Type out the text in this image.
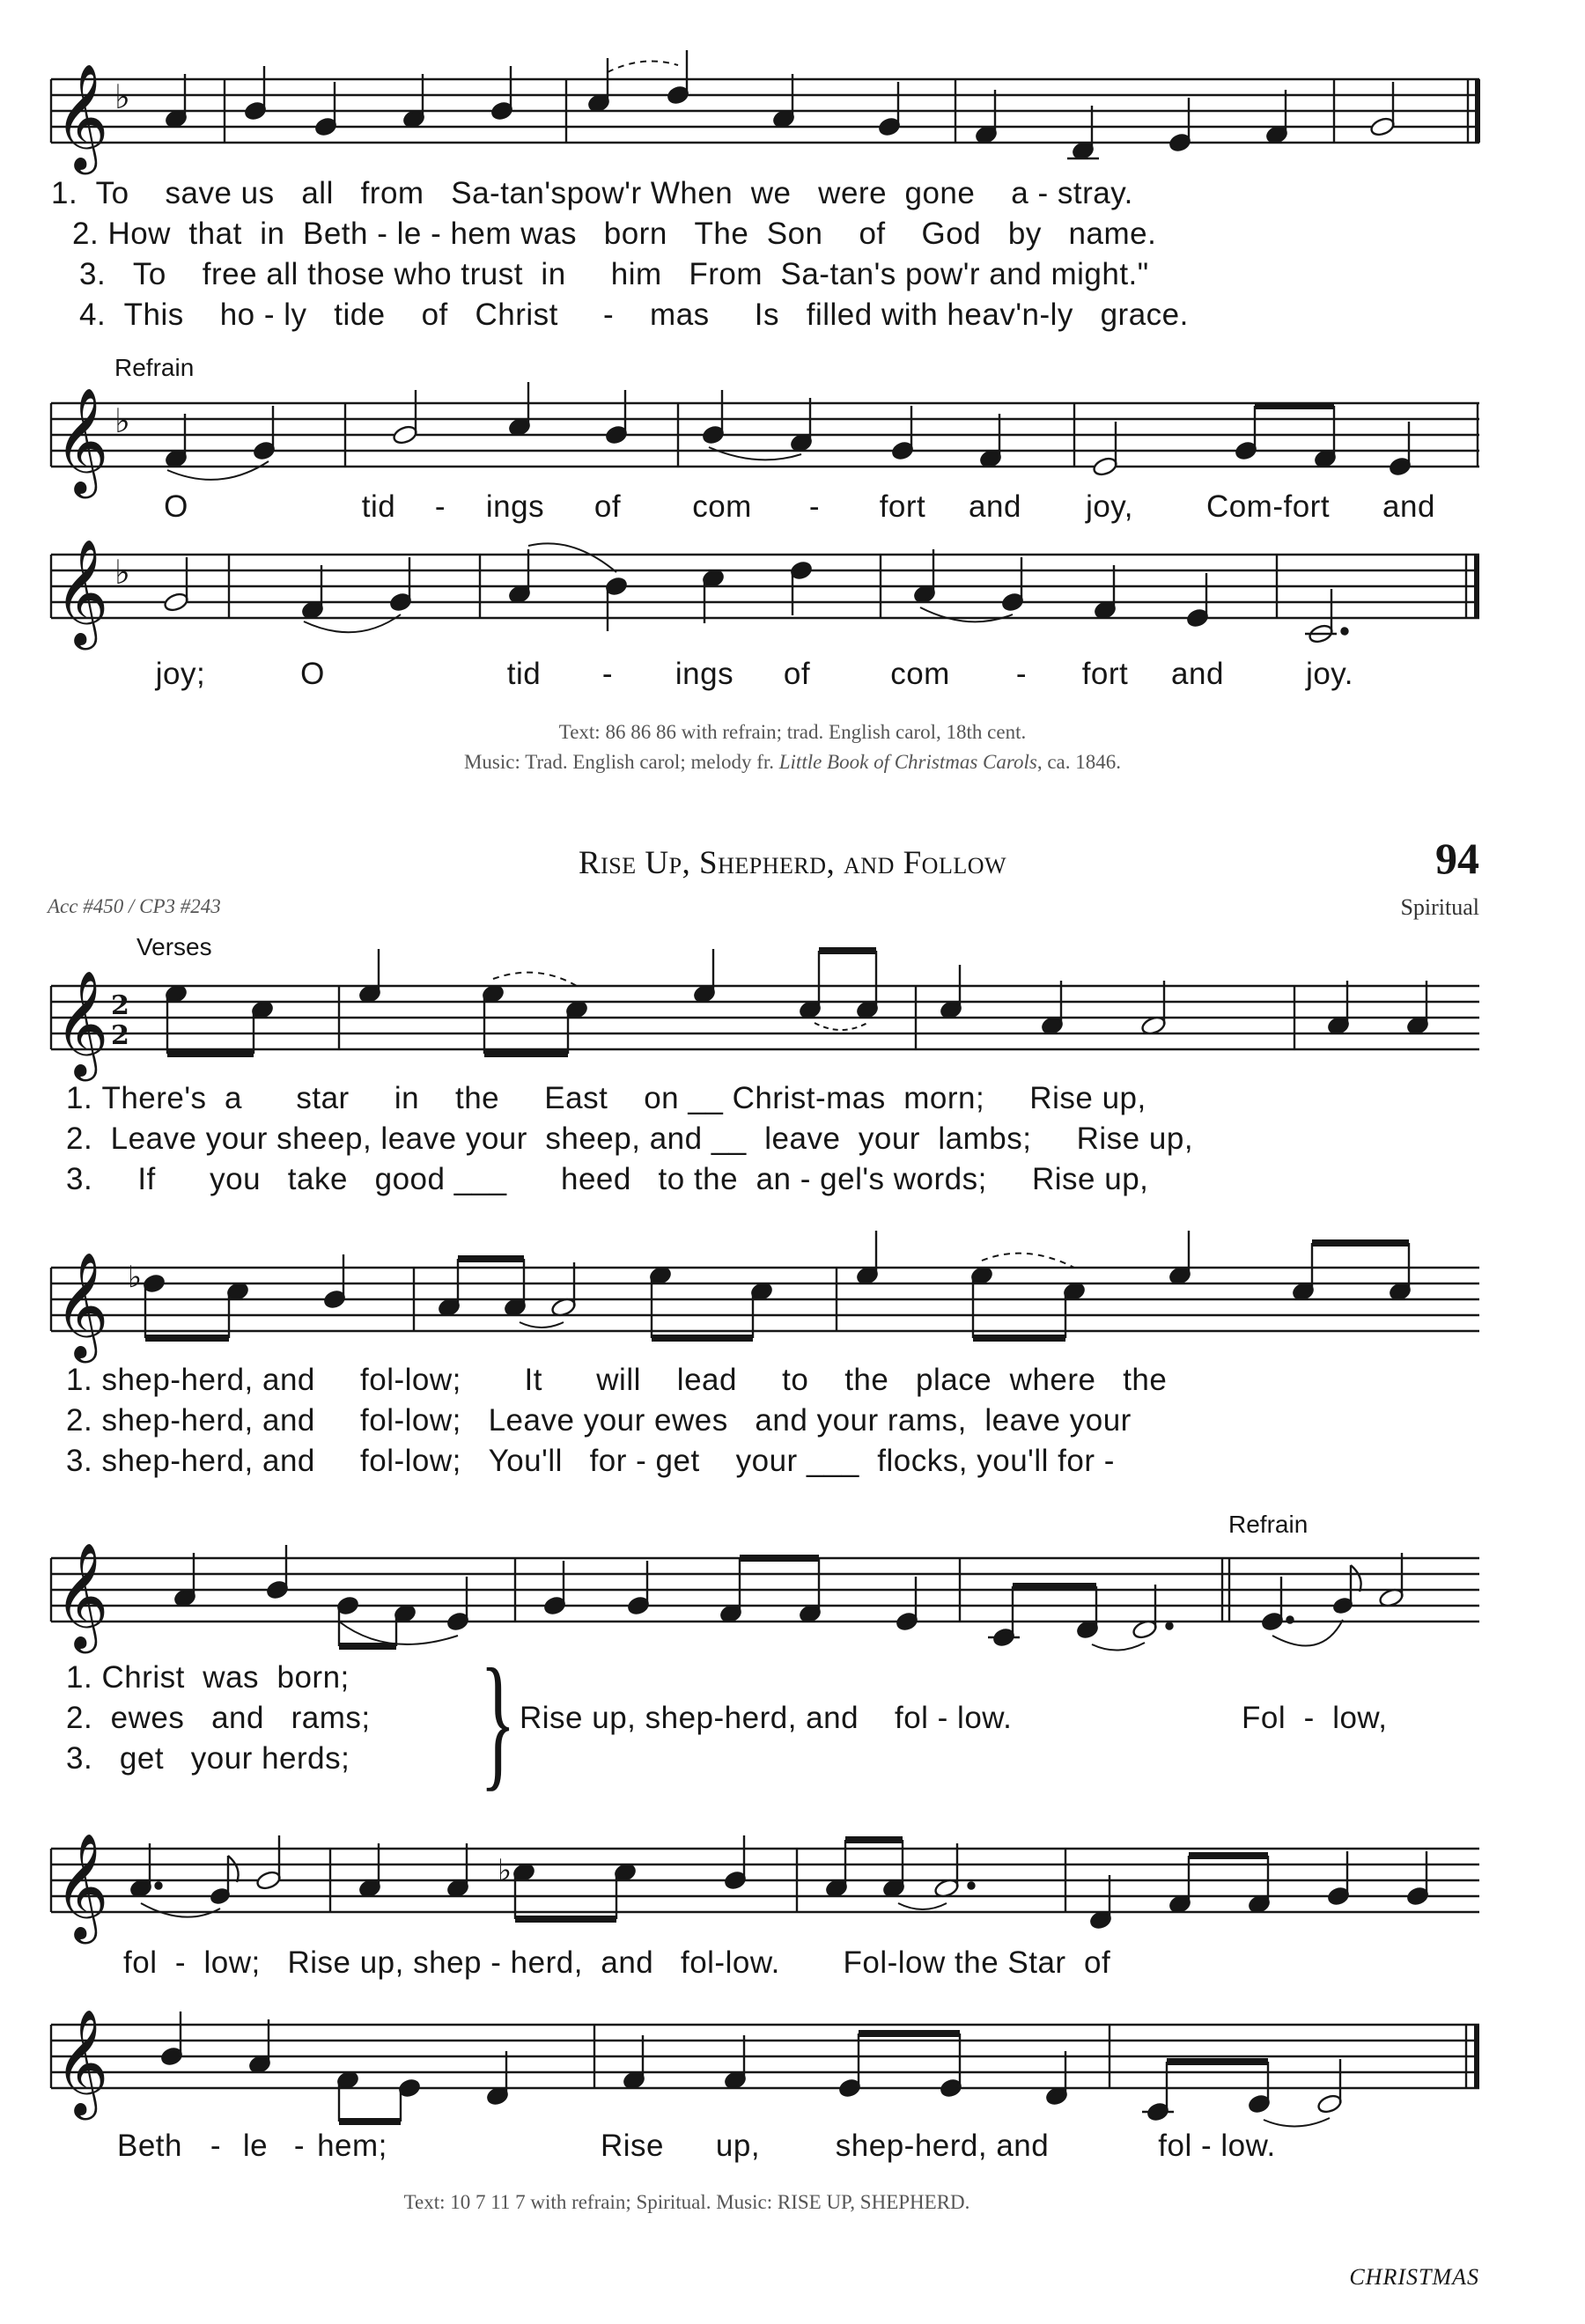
𝄞 ♭
1. To save us all from Sa-tan'spow'r When we were gone a - stray.
2. How that in Beth - le - hem was born The Son of God by name.
3. To free all those who trust in him From Sa-tan's pow'r and might."
4. This ho - ly tide of Christ - mas Is filled with heav'n-ly grace.
Refrain
𝄞 ♭
O	tid - ings of com - fort and joy, Com-fort and
𝄞 ♭
joy;	O	tid - ings of	com - fort and	joy.
Text: 86 86 86 with refrain; trad. English carol, 18th cent.
Music: Trad. English carol; melody fr. Little Book of Christmas Carols, ca. 1846.
Rise Up, Shepherd, and Follow	94
Acc #450 / CP3 #243	Spiritual
Verses
𝄞 2
2
1. There's a star in the East on __ Christ-mas morn; Rise up,
2. Leave your sheep, leave your sheep, and __ leave your lambs; Rise up,
3. If you take good ___ heed to the an - gel's words; Rise up,
𝄞 ♭
1. shep-herd, and fol-low; It will lead to the place where the
2. shep-herd, and fol-low; Leave your ewes and your rams, leave your
3. shep-herd, and fol-low; You'll for - get your ___ flocks, you'll for -
Refrain
𝄞
1. Christ was born;
2. ewes and rams;
3. get your herds; } Rise up, shep-herd, and fol - low.	Fol - low,
𝄞	♭
fol - low; Rise up, shep - herd, and fol-low. Fol-low the Star of
𝄞
Beth - le - hem;	Rise up, shep-herd, and	fol - low.
Text: 10 7 11 7 with refrain; Spiritual. Music: RISE UP, SHEPHERD.
CHRISTMAS
